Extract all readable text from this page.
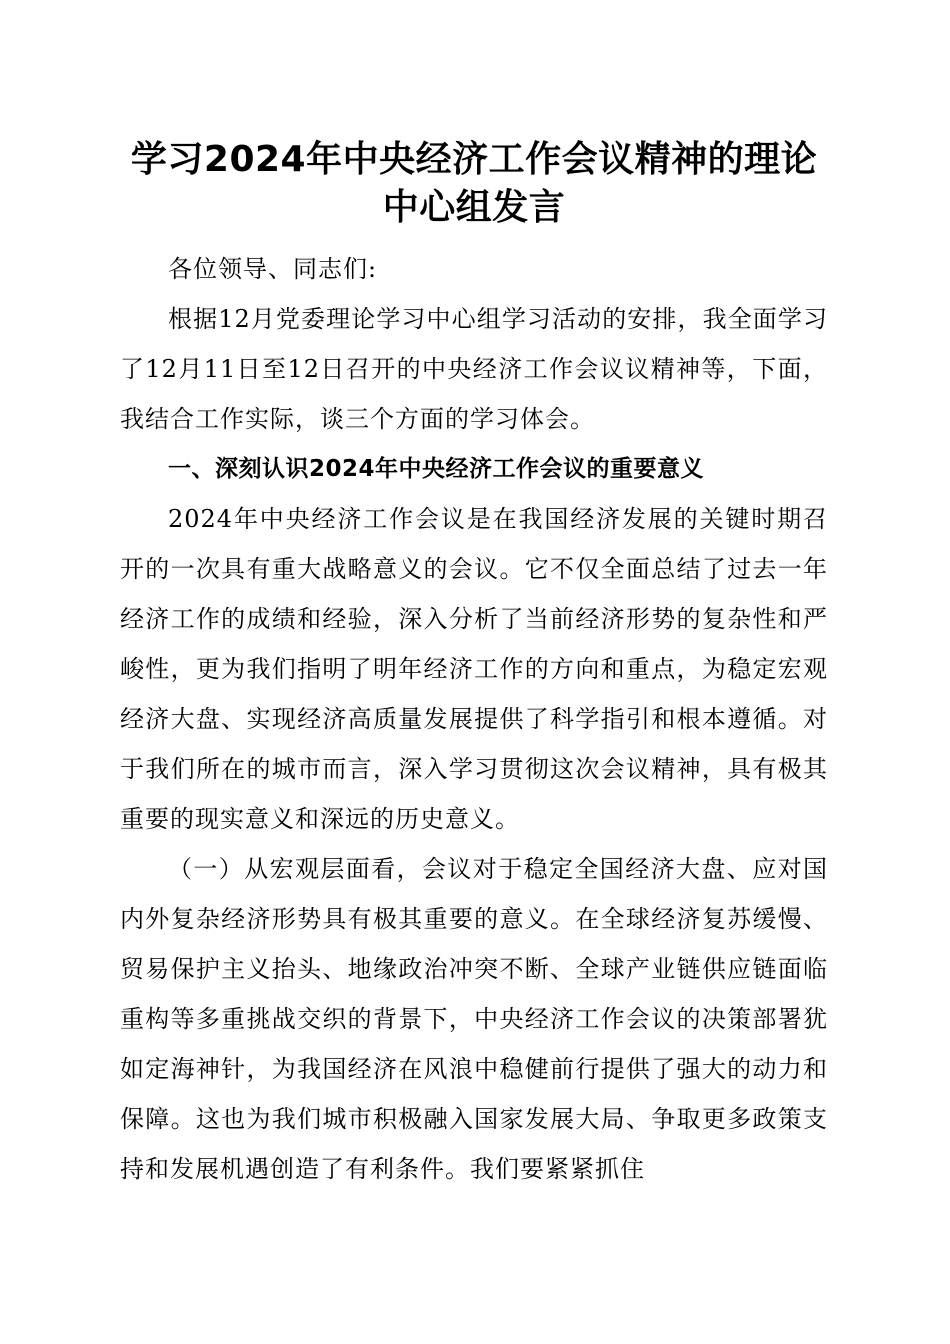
学习2024年中央经济工作会议精神的理论中心组发言

各位领导、同志们:

根据12月党委理论学习中心组学习活动的安排，我全面学习了12月11日至12日召开的中央经济工作会议议精神等，下面，我结合工作实际，谈三个方面的学习体会。

一、深刻认识2024年中央经济工作会议的重要意义

2024年中央经济工作会议是在我国经济发展的关键时期召开的一次具有重大战略意义的会议。它不仅全面总结了过去一年经济工作的成绩和经验，深入分析了当前经济形势的复杂性和严峻性，更为我们指明了明年经济工作的方向和重点，为稳定宏观经济大盘、实现经济高质量发展提供了科学指引和根本遵循。对于我们所在的城市而言，深入学习贯彻这次会议精神，具有极其重要的现实意义和深远的历史意义。

（一）从宏观层面看，会议对于稳定全国经济大盘、应对国内外复杂经济形势具有极其重要的意义。在全球经济复苏缓慢、贸易保护主义抬头、地缘政治冲突不断、全球产业链供应链面临重构等多重挑战交织的背景下，中央经济工作会议的决策部署犹如定海神针，为我国经济在风浪中稳健前行提供了强大的动力和保障。这也为我们城市积极融入国家发展大局、争取更多政策支持和发展机遇创造了有利条件。我们要紧紧抓住
